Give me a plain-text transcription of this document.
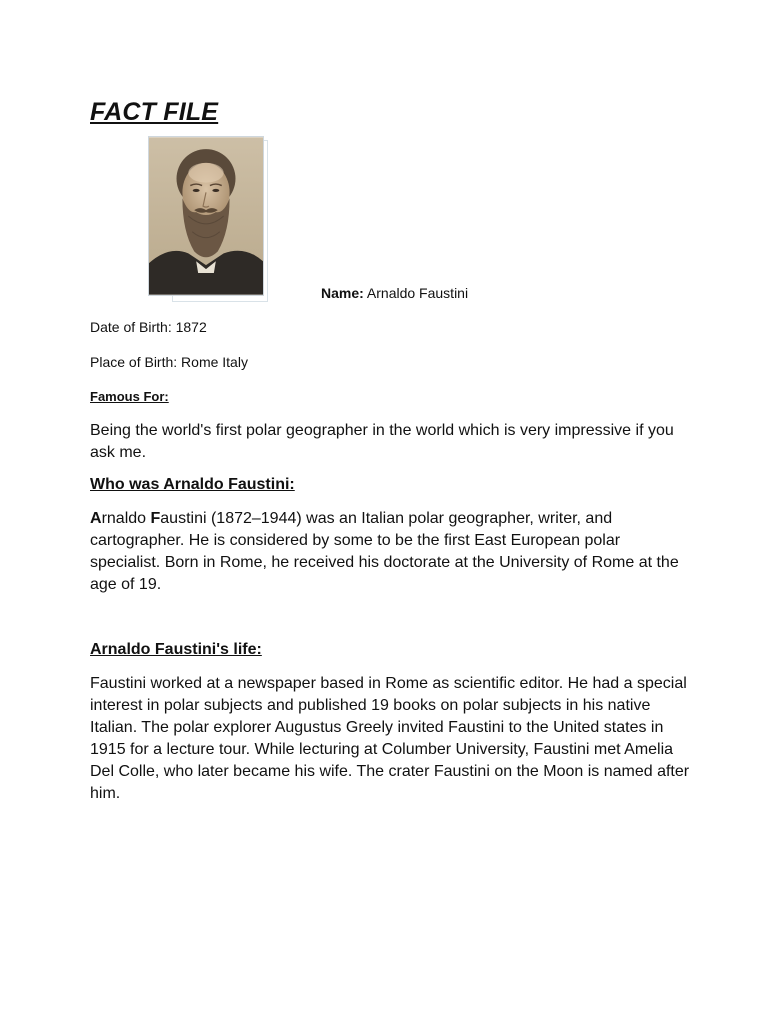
FACT FILE

Name: Arnaldo Faustini

Date of Birth: 1872

Place of Birth: Rome Italy

Famous For:

Being the world's first polar geographer in the world which is very impressive if you ask me.

Who was Arnaldo Faustini:

Arnaldo Faustini (1872–1944) was an Italian polar geographer, writer, and cartographer. He is considered by some to be the first East European polar specialist. Born in Rome, he received his doctorate at the University of Rome at the age of 19.

Arnaldo Faustini's life:

Faustini worked at a newspaper based in Rome as scientific editor. He had a special interest in polar subjects and published 19 books on polar subjects in his native Italian. The polar explorer Augustus Greely invited Faustini to the United states in 1915 for a lecture tour. While lecturing at Columber University, Faustini met Amelia Del Colle, who later became his wife. The crater Faustini on the Moon is named after him.
